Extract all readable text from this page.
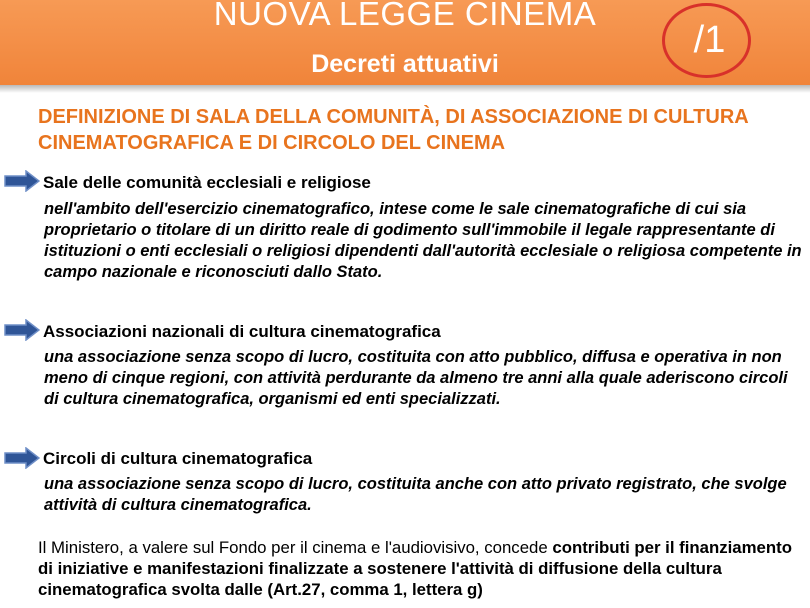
NUOVA LEGGE CINEMA
Decreti attuativi
/1
DEFINIZIONE DI SALA DELLA COMUNITÀ, DI ASSOCIAZIONE DI CULTURA CINEMATOGRAFICA E DI CIRCOLO DEL CINEMA
Sale delle comunità ecclesiali e religiose
nell'ambito dell'esercizio cinematografico, intese come le sale cinematografiche di cui sia proprietario o titolare di un diritto reale di godimento sull'immobile il legale rappresentante di istituzioni o enti ecclesiali o religiosi dipendenti dall'autorità ecclesiale o religiosa competente in campo nazionale e riconosciuti dallo Stato.
Associazioni nazionali di cultura cinematografica
una associazione senza scopo di lucro, costituita con atto pubblico, diffusa e operativa in non meno di cinque regioni, con attività perdurante da almeno tre anni alla quale aderiscono circoli di cultura cinematografica, organismi ed enti specializzati.
Circoli di cultura cinematografica
una associazione senza scopo di lucro, costituita anche con atto privato registrato, che svolge attività di cultura cinematografica.
Il Ministero, a valere sul Fondo per il cinema e l'audiovisivo, concede contributi per il finanziamento di iniziative e manifestazioni finalizzate a sostenere l'attività di diffusione della cultura cinematografica svolta dalle (Art.27, comma 1, lettera g)
